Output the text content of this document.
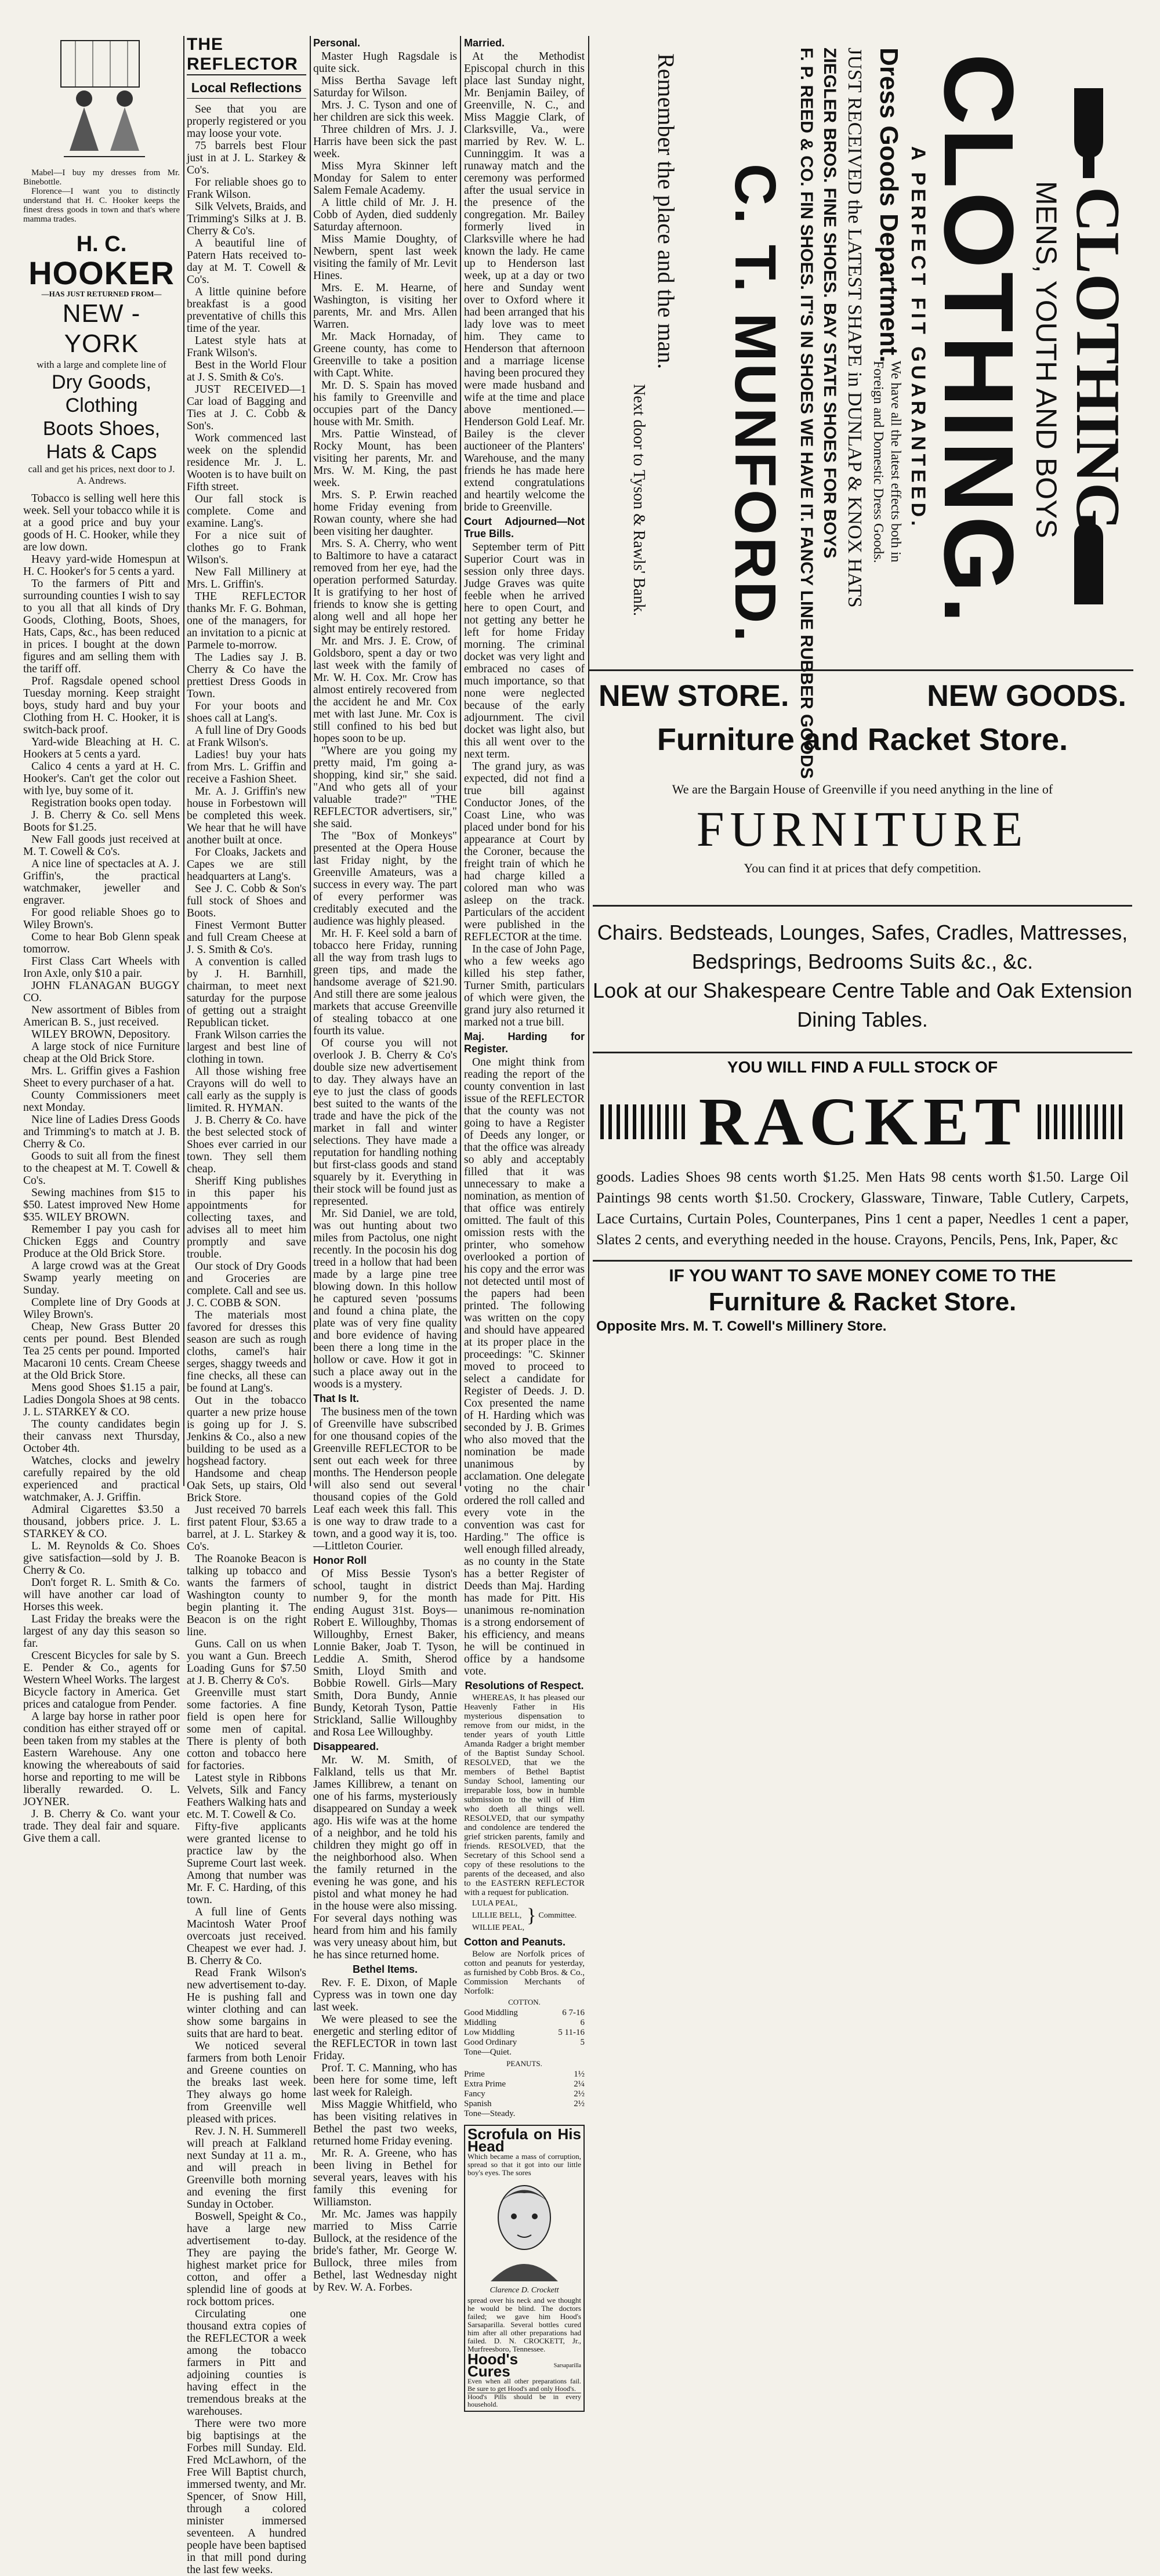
Mabel—I buy my dresses from Mr. Binebottle.

Florence—I want you to distinctly understand that H. C. Hooker keeps the finest dress goods in town and that's where mamma trades.

H. C.
HOOKER
—HAS JUST RETURNED FROM—
NEW - YORK
with a large and complete line of
Dry Goods,
Clothing
Boots Shoes,
Hats & Caps
call and get his prices, next door to J. A. Andrews.

Tobacco is selling well here this week. Sell your tobacco while it is at a good price and buy your goods of H. C. Hooker, while they are low down.

Heavy yard-wide Homespun at H. C. Hooker's for 5 cents a yard.

To the farmers of Pitt and surrounding counties I wish to say to you all that all kinds of Dry Goods, Clothing, Boots, Shoes, Hats, Caps, &c., has been reduced in prices. I bought at the down figures and am selling them with the tariff off.

Prof. Ragsdale opened school Tuesday morning. Keep straight boys, study hard and buy your Clothing from H. C. Hooker, it is switch-back proof.

Yard-wide Bleaching at H. C. Hookers at 5 cents a yard.

Calico 4 cents a yard at H. C. Hooker's. Can't get the color out with lye, buy some of it.

Registration books open today.

J. B. Cherry & Co. sell Mens Boots for $1.25.

New Fall goods just received at M. T. Cowell & Co's.

A nice line of spectacles at A. J. Griffin's, the practical watchmaker, jeweller and engraver.

For good reliable Shoes go to Wiley Brown's.

Come to hear Bob Glenn speak tomorrow.

First Class Cart Wheels with Iron Axle, only $10 a pair.

JOHN FLANAGAN BUGGY CO.

New assortment of Bibles from American B. S., just received.

WILEY BROWN, Depository.

A large stock of nice Furniture cheap at the Old Brick Store.

Mrs. L. Griffin gives a Fashion Sheet to every purchaser of a hat.

County Commissioners meet next Monday.

Nice line of Ladies Dress Goods and Trimming's to match at J. B. Cherry & Co.

Goods to suit all from the finest to the cheapest at M. T. Cowell & Co's.

Sewing machines from $15 to $50. Latest improved New Home $35. WILEY BROWN.

Remember I pay you cash for Chicken Eggs and Country Produce at the Old Brick Store.

A large crowd was at the Great Swamp yearly meeting on Sunday.

Complete line of Dry Goods at Wiley Brown's.

Cheap, New Grass Butter 20 cents per pound. Best Blended Tea 25 cents per pound. Imported Macaroni 10 cents. Cream Cheese at the Old Brick Store.

Mens good Shoes $1.15 a pair, Ladies Dongola Shoes at 98 cents. J. L. STARKEY & CO.

The county candidates begin their canvass next Thursday, October 4th.

Watches, clocks and jewelry carefully repaired by the old experienced and practical watchmaker, A. J. Griffin.

Admiral Cigarettes $3.50 a thousand, jobbers price. J. L. STARKEY & CO.

L. M. Reynolds & Co. Shoes give satisfaction—sold by J. B. Cherry & Co.

Don't forget R. L. Smith & Co. will have another car load of Horses this week.

Last Friday the breaks were the largest of any day this season so far.

Crescent Bicycles for sale by S. E. Pender & Co., agents for Western Wheel Works. The largest Bicycle factory in America. Get prices and catalogue from Pender.

A large bay horse in rather poor condition has either strayed off or been taken from my stables at the Eastern Warehouse. Any one knowing the whereabouts of said horse and reporting to me will be liberally rewarded. O. L. JOYNER.

J. B. Cherry & Co. want your trade. They deal fair and square. Give them a call.

THE REFLECTOR
Local Reflections

See that you are properly registered or you may loose your vote.

75 barrels best Flour just in at J. L. Starkey & Co's.

For reliable shoes go to Frank Wilson.

Silk Velvets, Braids, and Trimming's Silks at J. B. Cherry & Co's.

A beautiful line of Patern Hats received to-day at M. T. Cowell & Co's.

A little quinine before breakfast is a good preventative of chills this time of the year.

Latest style hats at Frank Wilson's.

Best in the World Flour at J. S. Smith & Co's.

JUST RECEIVED—1 Car load of Bagging and Ties at J. C. Cobb & Son's.

Work commenced last week on the splendid residence Mr. J. L. Wooten is to have built on Fifth street.

Our fall stock is complete. Come and examine. Lang's.

For a nice suit of clothes go to Frank Wilson's.

New Fall Millinery at Mrs. L. Griffin's.

THE REFLECTOR thanks Mr. F. G. Bohman, one of the managers, for an invitation to a picnic at Parmele to-morrow.

The Ladies say J. B. Cherry & Co have the prettiest Dress Goods in Town.

For your boots and shoes call at Lang's.

A full line of Dry Goods at Frank Wilson's.

Ladies! buy your hats from Mrs. L. Griffin and receive a Fashion Sheet.

Mr. A. J. Griffin's new house in Forbestown will be completed this week. We hear that he will have another built at once.

For Cloaks, Jackets and Capes we are still headquarters at Lang's.

See J. C. Cobb & Son's full stock of Shoes and Boots.

Finest Vermont Butter and full Cream Cheese at J. S. Smith & Co's.

A convention is called by J. H. Barnhill, chairman, to meet next saturday for the purpose of getting out a straight Republican ticket.

Frank Wilson carries the largest and best line of clothing in town.

All those wishing free Crayons will do well to call early as the supply is limited. R. HYMAN.

J. B. Cherry & Co. have the best selected stock of Shoes ever carried in our town. They sell them cheap.

Sheriff King publishes in this paper his appointments for collecting taxes, and advises all to meet him promptly and save trouble.

Our stock of Dry Goods and Groceries are complete. Call and see us. J. C. COBB & SON.

The materials most favored for dresses this season are such as rough cloths, camel's hair serges, shaggy tweeds and fine checks, all these can be found at Lang's.

Out in the tobacco quarter a new prize house is going up for J. S. Jenkins & Co., also a new building to be used as a hogshead factory.

Handsome and cheap Oak Sets, up stairs, Old Brick Store.

Just received 70 barrels first patent Flour, $3.65 a barrel, at J. L. Starkey & Co's.

The Roanoke Beacon is talking up tobacco and wants the farmers of Washington county to begin planting it. The Beacon is on the right line.

Guns. Call on us when you want a Gun. Breech Loading Guns for $7.50 at J. B. Cherry & Co's.

Greenville must start some factories. A fine field is open here for some men of capital. There is plenty of both cotton and tobacco here for factories.

Latest style in Ribbons Velvets, Silk and Fancy Feathers Walking hats and etc. M. T. Cowell & Co.

Fifty-five applicants were granted license to practice law by the Supreme Court last week. Among that number was Mr. F. C. Harding, of this town.

A full line of Gents Macintosh Water Proof overcoats just received. Cheapest we ever had. J. B. Cherry & Co.

Read Frank Wilson's new advertisement to-day. He is pushing fall and winter clothing and can show some bargains in suits that are hard to beat.

We noticed several farmers from both Lenoir and Greene counties on the breaks last week. They always go home from Greenville well pleased with prices.

Rev. J. N. H. Summerell will preach at Falkland next Sunday at 11 a. m., and will preach in Greenville both morning and evening the first Sunday in October.

Boswell, Speight & Co., have a large new advertisement to-day. They are paying the highest market price for cotton, and offer a splendid line of goods at rock bottom prices.

Circulating one thousand extra copies of the REFLECTOR a week among the tobacco farmers in Pitt and adjoining counties is having effect in the tremendous breaks at the warehouses.

There were two more big baptisings at the Forbes mill Sunday. Eld. Fred McLawhorn, of the Free Will Baptist church, immersed twenty, and Mr. Spencer, of Snow Hill, through a colored minister immersed seventeen. A hundred people have been baptised in that mill pond during the last few weeks.

Personal.

Master Hugh Ragsdale is quite sick.

Miss Bertha Savage left Saturday for Wilson.

Mrs. J. C. Tyson and one of her children are sick this week.

Three children of Mrs. J. J. Harris have been sick the past week.

Miss Myra Skinner left Monday for Salem to enter Salem Female Academy.

A little child of Mr. J. H. Cobb of Ayden, died suddenly Saturday afternoon.

Miss Mamie Doughty, of Newbern, spent last week visiting the family of Mr. Levit Hines.

Mrs. E. M. Hearne, of Washington, is visiting her parents, Mr. and Mrs. Allen Warren.

Mr. Mack Hornaday, of Greene county, has come to Greenville to take a position with Capt. White.

Mr. D. S. Spain has moved his family to Greenville and occupies part of the Dancy house with Mr. Smith.

Mrs. Pattie Winstead, of Rocky Mount, has been visiting her parents, Mr. and Mrs. W. M. King, the past week.

Mrs. S. P. Erwin reached home Friday evening from Rowan county, where she had been visiting her daughter.

Mrs. S. A. Cherry, who went to Baltimore to have a cataract removed from her eye, had the operation performed Saturday. It is gratifying to her host of friends to know she is getting along well and all hope her sight may be entirely restored.

Mr. and Mrs. J. E. Crow, of Goldsboro, spent a day or two last week with the family of Mr. W. H. Cox. Mr. Crow has almost entirely recovered from the accident he and Mr. Cox met with last June. Mr. Cox is still confined to his bed but hopes soon to be up.

"Where are you going my pretty maid, I'm going a-shopping, kind sir," she said. "And who gets all of your valuable trade?" "THE REFLECTOR advertisers, sir," she said.

The "Box of Monkeys" presented at the Opera House last Friday night, by the Greenville Amateurs, was a success in every way. The part of every performer was creditably executed and the audience was highly pleased.

Mr. H. F. Keel sold a barn of tobacco here Friday, running all the way from trash lugs to green tips, and made the handsome average of $21.90. And still there are some jealous markets that accuse Greenville of stealing tobacco at one fourth its value.

Of course you will not overlook J. B. Cherry & Co's double size new advertisement to day. They always have an eye to just the class of goods best suited to the wants of the trade and have the pick of the market in fall and winter selections. They have made a reputation for handling nothing but first-class goods and stand squarely by it. Everything in their stock will be found just as represented.

Mr. Sid Daniel, we are told, was out hunting about two miles from Pactolus, one night recently. In the pocosin his dog treed in a hollow that had been made by a large pine tree blowing down. In this hollow he captured seven 'possums and found a china plate, the plate was of very fine quality and bore evidence of having been there a long time in the hollow or cave. How it got in such a place away out in the woods is a mystery.

That Is It.

The business men of the town of Greenville have subscribed for one thousand copies of the Greenville REFLECTOR to be sent out each week for three months. The Henderson people will also send out several thousand copies of the Gold Leaf each week this fall. This is one way to draw trade to a town, and a good way it is, too.—Littleton Courier.

Honor Roll

Of Miss Bessie Tyson's school, taught in district number 9, for the month ending August 31st. Boys—Robert E. Willoughby, Thomas Willoughby, Ernest Baker, Lonnie Baker, Joab T. Tyson, Leddie A. Smith, Sherod Smith, Lloyd Smith and Bobbie Rowell. Girls—Mary Smith, Dora Bundy, Annie Bundy, Ketorah Tyson, Pattie Strickland, Sallie Willoughby and Rosa Lee Willoughby.

Disappeared.

Mr. W. M. Smith, of Falkland, tells us that Mr. James Killibrew, a tenant on one of his farms, mysteriously disappeared on Sunday a week ago. His wife was at the home of a neighbor, and he told his children they might go off in the neighborhood also. When the family returned in the evening he was gone, and his pistol and what money he had in the house were also missing. For several days nothing was heard from him and his family was very uneasy about him, but he has since returned home.

Bethel Items.

Rev. F. E. Dixon, of Maple Cypress was in town one day last week.

We were pleased to see the energetic and sterling editor of the REFLECTOR in town last Friday.

Prof. T. C. Manning, who has been here for some time, left last week for Raleigh.

Miss Maggie Whitfield, who has been visiting relatives in Bethel the past two weeks, returned home Friday evening.

Mr. R. A. Greene, who has been living in Bethel for several years, leaves with his family this evening for Williamston.

Mr. Mc. James was happily married to Miss Carrie Bullock, at the residence of the bride's father, Mr. George W. Bullock, three miles from Bethel, last Wednesday night by Rev. W. A. Forbes.

Married.

At the Methodist Episcopal church in this place last Sunday night, Mr. Benjamin Bailey, of Greenville, N. C., and Miss Maggie Clark, of Clarksville, Va., were married by Rev. W. L. Cunninggim. It was a runaway match and the ceremony was performed after the usual service in the presence of the congregation. Mr. Bailey formerly lived in Clarksville where he had known the lady. He came up to Henderson last week, up at a day or two here and Sunday went over to Oxford where it had been arranged that his lady love was to meet him. They came to Henderson that afternoon and a marriage license having been procured they were made husband and wife at the time and place above mentioned.—Henderson Gold Leaf. Mr. Bailey is the clever auctioneer of the Planters' Warehouse, and the many friends he has made here extend congratulations and heartily welcome the bride to Greenville.

Court Adjourned—Not True Bills.

September term of Pitt Superior Court was in session only three days. Judge Graves was quite feeble when he arrived here to open Court, and not getting any better he left for home Friday morning. The criminal docket was very light and embraced no cases of much importance, so that none were neglected because of the early adjournment. The civil docket was light also, but this all went over to the next term.

The grand jury, as was expected, did not find a true bill against Conductor Jones, of the Coast Line, who was placed under bond for his appearance at Court by the Coroner, because the freight train of which he had charge killed a colored man who was asleep on the track. Particulars of the accident were published in the REFLECTOR at the time.

In the case of John Page, who a few weeks ago killed his step father, Turner Smith, particulars of which were given, the grand jury also returned it marked not a true bill.

Maj. Harding for Register.

One might think from reading the report of the county convention in last issue of the REFLECTOR that the county was not going to have a Register of Deeds any longer, or that the office was already so ably and acceptably filled that it was unnecessary to make a nomination, as mention of that office was entirely omitted. The fault of this omission rests with the printer, who somehow overlooked a portion of his copy and the error was not detected until most of the papers had been printed. The following was written on the copy and should have appeared at its proper place in the proceedings: "C. Skinner moved to proceed to select a candidate for Register of Deeds. J. D. Cox presented the name of H. Harding which was seconded by J. B. Grimes who also moved that the nomination be made unanimous by acclamation. One delegate voting no the chair ordered the roll called and every vote in the convention was cast for Harding." The office is well enough filled already, as no county in the State has a better Register of Deeds than Maj. Harding has made for Pitt. His unanimous re-nomination is a strong endorsement of his efficiency, and means he will be continued in office by a handsome vote.

Resolutions of Respect.

WHEREAS, It has pleased our Heavenly Father in His mysterious dispensation to remove from our midst, in the tender years of youth Little Amanda Radger a bright member of the Baptist Sunday School. RESOLVED, that we the members of Bethel Baptist Sunday School, lamenting our irreparable loss, bow in humble submission to the will of Him who doeth all things well. RESOLVED, that our sympathy and condolence are tendered the grief stricken parents, family and friends. RESOLVED, that the Secretary of this School send a copy of these resolutions to the parents of the deceased, and also to the EASTERN REFLECTOR with a request for publication.

LULA PEAL,
LILLIE BELL,
WILLIE PEAL,
} Committee.
Cotton and Peanuts.

Below are Norfolk prices of cotton and peanuts for yesterday, as furnished by Cobb Bros. & Co., Commission Merchants of Norfolk:

COTTON.
Good Middling	6 7-16
Middling	6
Low Middling	5 11-16
Good Ordinary	5
Tone—Quiet.
PEANUTS.
Prime	1½
Extra Prime	2¼
Fancy	2½
Spanish	2½
Tone—Steady.
Scrofula on His Head
Which became a mass of corruption, spread so that it got into our little boy's eyes. The sores
Clarence D. Crockett
spread over his neck and we thought he would be blind. The doctors failed; we gave him Hood's Sarsaparilla. Several bottles cured him after all other preparations had failed. D. N. CROCKETT, Jr., Murfreesboro, Tennessee.
Hood's Cures	Sarsaparilla
Even when all other preparations fail. Be sure to get Hood's and only Hood's.
Hood's Pills should be in every household.
CLOTHING
MENS, YOUTH AND BOYS
CLOTHING.
A PERFECT FIT GUARANTEED.
Dress Goods Department.
We have all the latest effects both in
Foreign and Domestic Dress Goods.
JUST RECEIVED the LATEST SHAPE in DUNLAP & KNOX HATS
ZIEGLER BROS. FINE SHOES. BAY STATE SHOES FOR BOYS
F. P. REED & CO. FIN SHOES. IT'S IN SHOES WE HAVE IT. FANCY LINE RUBBER GOODS
C. T. MUNFORD.
Remember the place and the man.
Next door to Tyson & Rawls' Bank.
NEW STORE.	NEW GOODS.
Furniture and Racket Store.
We are the Bargain House of Greenville if you need anything in the line of
FURNITURE
You can find it at prices that defy competition.
Chairs. Bedsteads, Lounges, Safes, Cradles, Mattresses, Bedsprings, Bedrooms Suits &c., &c.
Look at our Shakespeare Centre Table and Oak Extension Dining Tables.
YOU WILL FIND A FULL STOCK OF
RACKET
goods. Ladies Shoes 98 cents worth $1.25. Men Hats 98 cents worth $1.50. Large Oil Paintings 98 cents worth $1.50. Crockery, Glassware, Tinware, Table Cutlery, Carpets, Lace Curtains, Curtain Poles, Counterpanes, Pins 1 cent a paper, Needles 1 cent a paper, Slates 2 cents, and everything needed in the house. Crayons, Pencils, Pens, Ink, Paper, &c
IF YOU WANT TO SAVE MONEY COME TO THE
Furniture & Racket Store.
Opposite Mrs. M. T. Cowell's Millinery Store.
